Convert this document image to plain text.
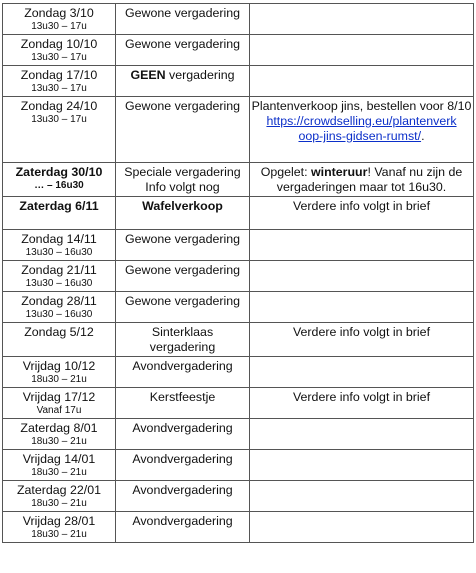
Zondag 3/10
13u30 – 17u	Gewone vergadering	

Zondag 10/10
13u30 – 17u	Gewone vergadering	

Zondag 17/10
13u30 – 17u	GEEN vergadering	

Zondag 24/10
13u30 – 17u	Gewone vergadering	Plantenverkoop jins, bestellen voor 8/10
https://crowdselling.eu/plantenverk
oop-jins-gidsen-rumst/.

Zaterdag 30/10
… – 16u30	Speciale vergadering
Info volgt nog	Opgelet: winteruur! Vanaf nu zijn de vergaderingen maar tot 16u30.

Zaterdag 6/11	Wafelverkoop	Verdere info volgt in brief

Zondag 14/11
13u30 – 16u30	Gewone vergadering	

Zondag 21/11
13u30 – 16u30	Gewone vergadering	

Zondag 28/11
13u30 – 16u30	Gewone vergadering	

Zondag 5/12	Sinterklaas
vergadering	Verdere info volgt in brief

Vrijdag 10/12
18u30 – 21u	Avondvergadering	

Vrijdag 17/12
Vanaf 17u	Kerstfeestje	Verdere info volgt in brief

Zaterdag 8/01
18u30 – 21u	Avondvergadering	

Vrijdag 14/01
18u30 – 21u	Avondvergadering	

Zaterdag 22/01
18u30 – 21u	Avondvergadering	

Vrijdag 28/01
18u30 – 21u	Avondvergadering	
